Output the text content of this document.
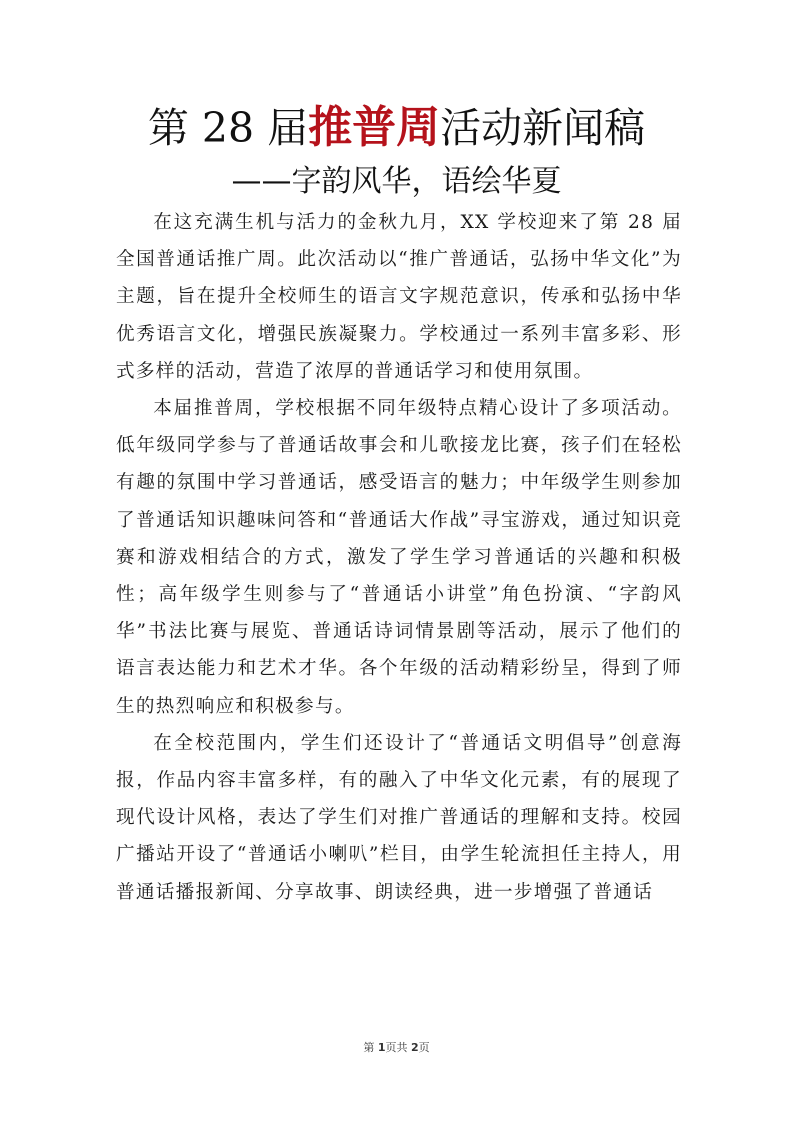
第 28 届推普周活动新闻稿
——字韵风华，语绘华夏

在这充满生机与活力的金秋九月，XX 学校迎来了第 28 届全国普通话推广周。此次活动以“推广普通话，弘扬中华文化”为主题，旨在提升全校师生的语言文字规范意识，传承和弘扬中华优秀语言文化，增强民族凝聚力。学校通过一系列丰富多彩、形式多样的活动，营造了浓厚的普通话学习和使用氛围。

本届推普周，学校根据不同年级特点精心设计了多项活动。低年级同学参与了普通话故事会和儿歌接龙比赛，孩子们在轻松有趣的氛围中学习普通话，感受语言的魅力；中年级学生则参加了普通话知识趣味问答和“普通话大作战”寻宝游戏，通过知识竞赛和游戏相结合的方式，激发了学生学习普通话的兴趣和积极性；高年级学生则参与了“普通话小讲堂”角色扮演、“字韵风华”书法比赛与展览、普通话诗词情景剧等活动，展示了他们的语言表达能力和艺术才华。各个年级的活动精彩纷呈，得到了师生的热烈响应和积极参与。

在全校范围内，学生们还设计了“普通话文明倡导”创意海报，作品内容丰富多样，有的融入了中华文化元素，有的展现了现代设计风格，表达了学生们对推广普通话的理解和支持。校园广播站开设了“普通话小喇叭”栏目，由学生轮流担任主持人，用普通话播报新闻、分享故事、朗读经典，进一步增强了普通话

第 1页共 2页
